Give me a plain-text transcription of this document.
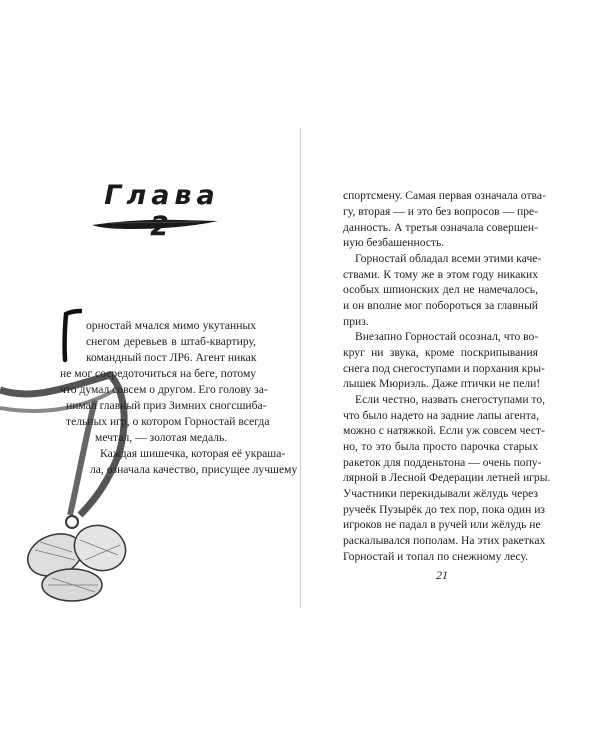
Глава
орностай мчался мимо укутанных
снегом деревьев в штаб-квартиру,
командный пост ЛР6. Агент никак
не мог сосредоточиться на беге, потому
что думал совсем о другом. Его голову за-
нимал главный приз Зимних сногсшиба-
тельных игр, о котором Горностай всегда
мечтал, — золотая медаль.
Каждая шишечка, которая её украша-
ла, означала качество, присущее лучшему
спортсмену. Самая первая означала отва-
гу, вторая — и это без вопросов — пре-
данность. А третья означала совершен-
ную безбашенность.
Горностай обладал всеми этими каче-
ствами. К тому же в этом году никаких
особых шпионских дел не намечалось,
и он вполне мог побороться за главный
приз.
Внезапно Горностай осознал, что во-
круг ни звука, кроме поскрипывания
снега под снегоступами и порхания кры-
лышек Мюриэль. Даже птички не пели!
Если честно, назвать снегоступами то,
что было надето на задние лапы агента,
можно с натяжкой. Если уж совсем чест-
но, то это была просто парочка старых
ракеток для подденьтона — очень попу-
лярной в Лесной Федерации летней игры.
Участники перекидывали жёлудь через
ручеёк Пузырёк до тех пор, пока один из
игроков не падал в ручей или жёлудь не
раскалывался пополам. На этих ракетках
Горностай и топал по снежному лесу.
21
